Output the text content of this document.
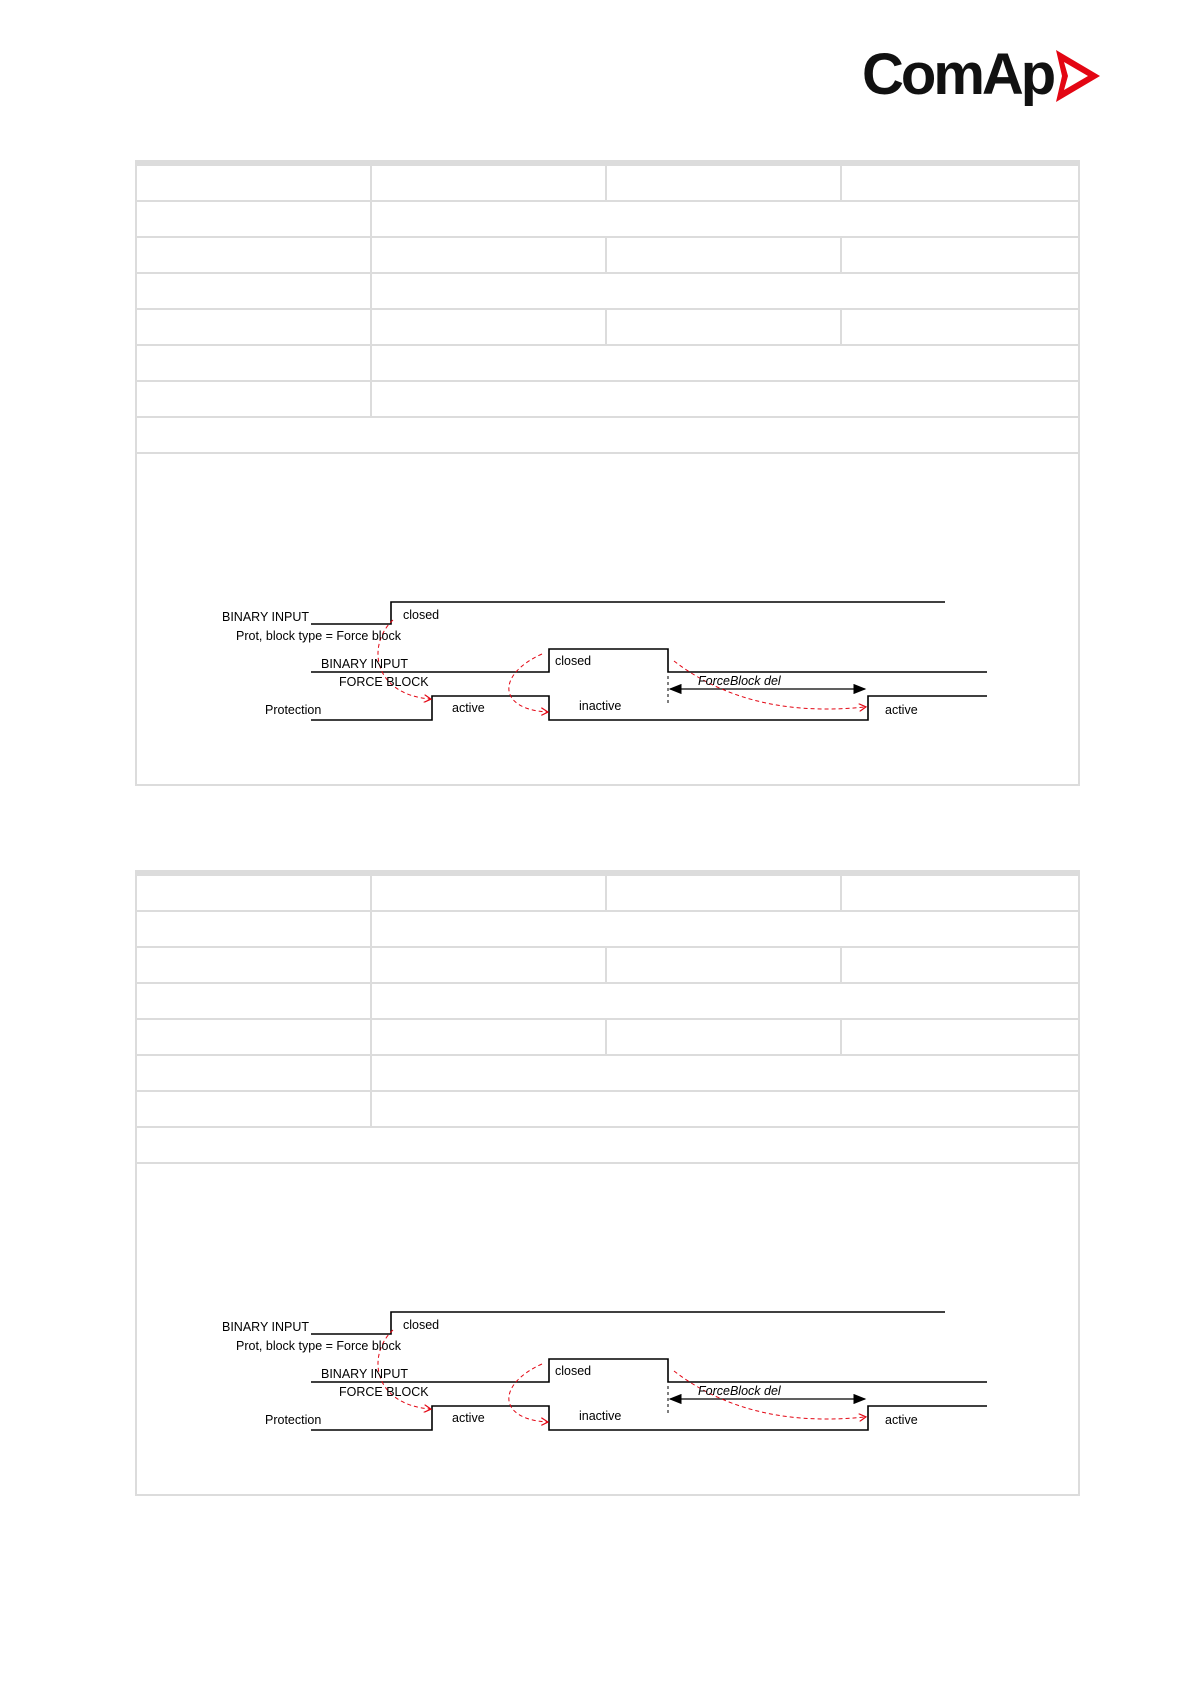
ComAp
BINARY INPUT
Prot, block type = Force block
closed
BINARY INPUT
FORCE BLOCK
closed
ForceBlock del
Protection	active	inactive	active
BINARY INPUT
Prot, block type = Force block
closed
BINARY INPUT
FORCE BLOCK
closed
ForceBlock del
Protection	active	inactive	active
